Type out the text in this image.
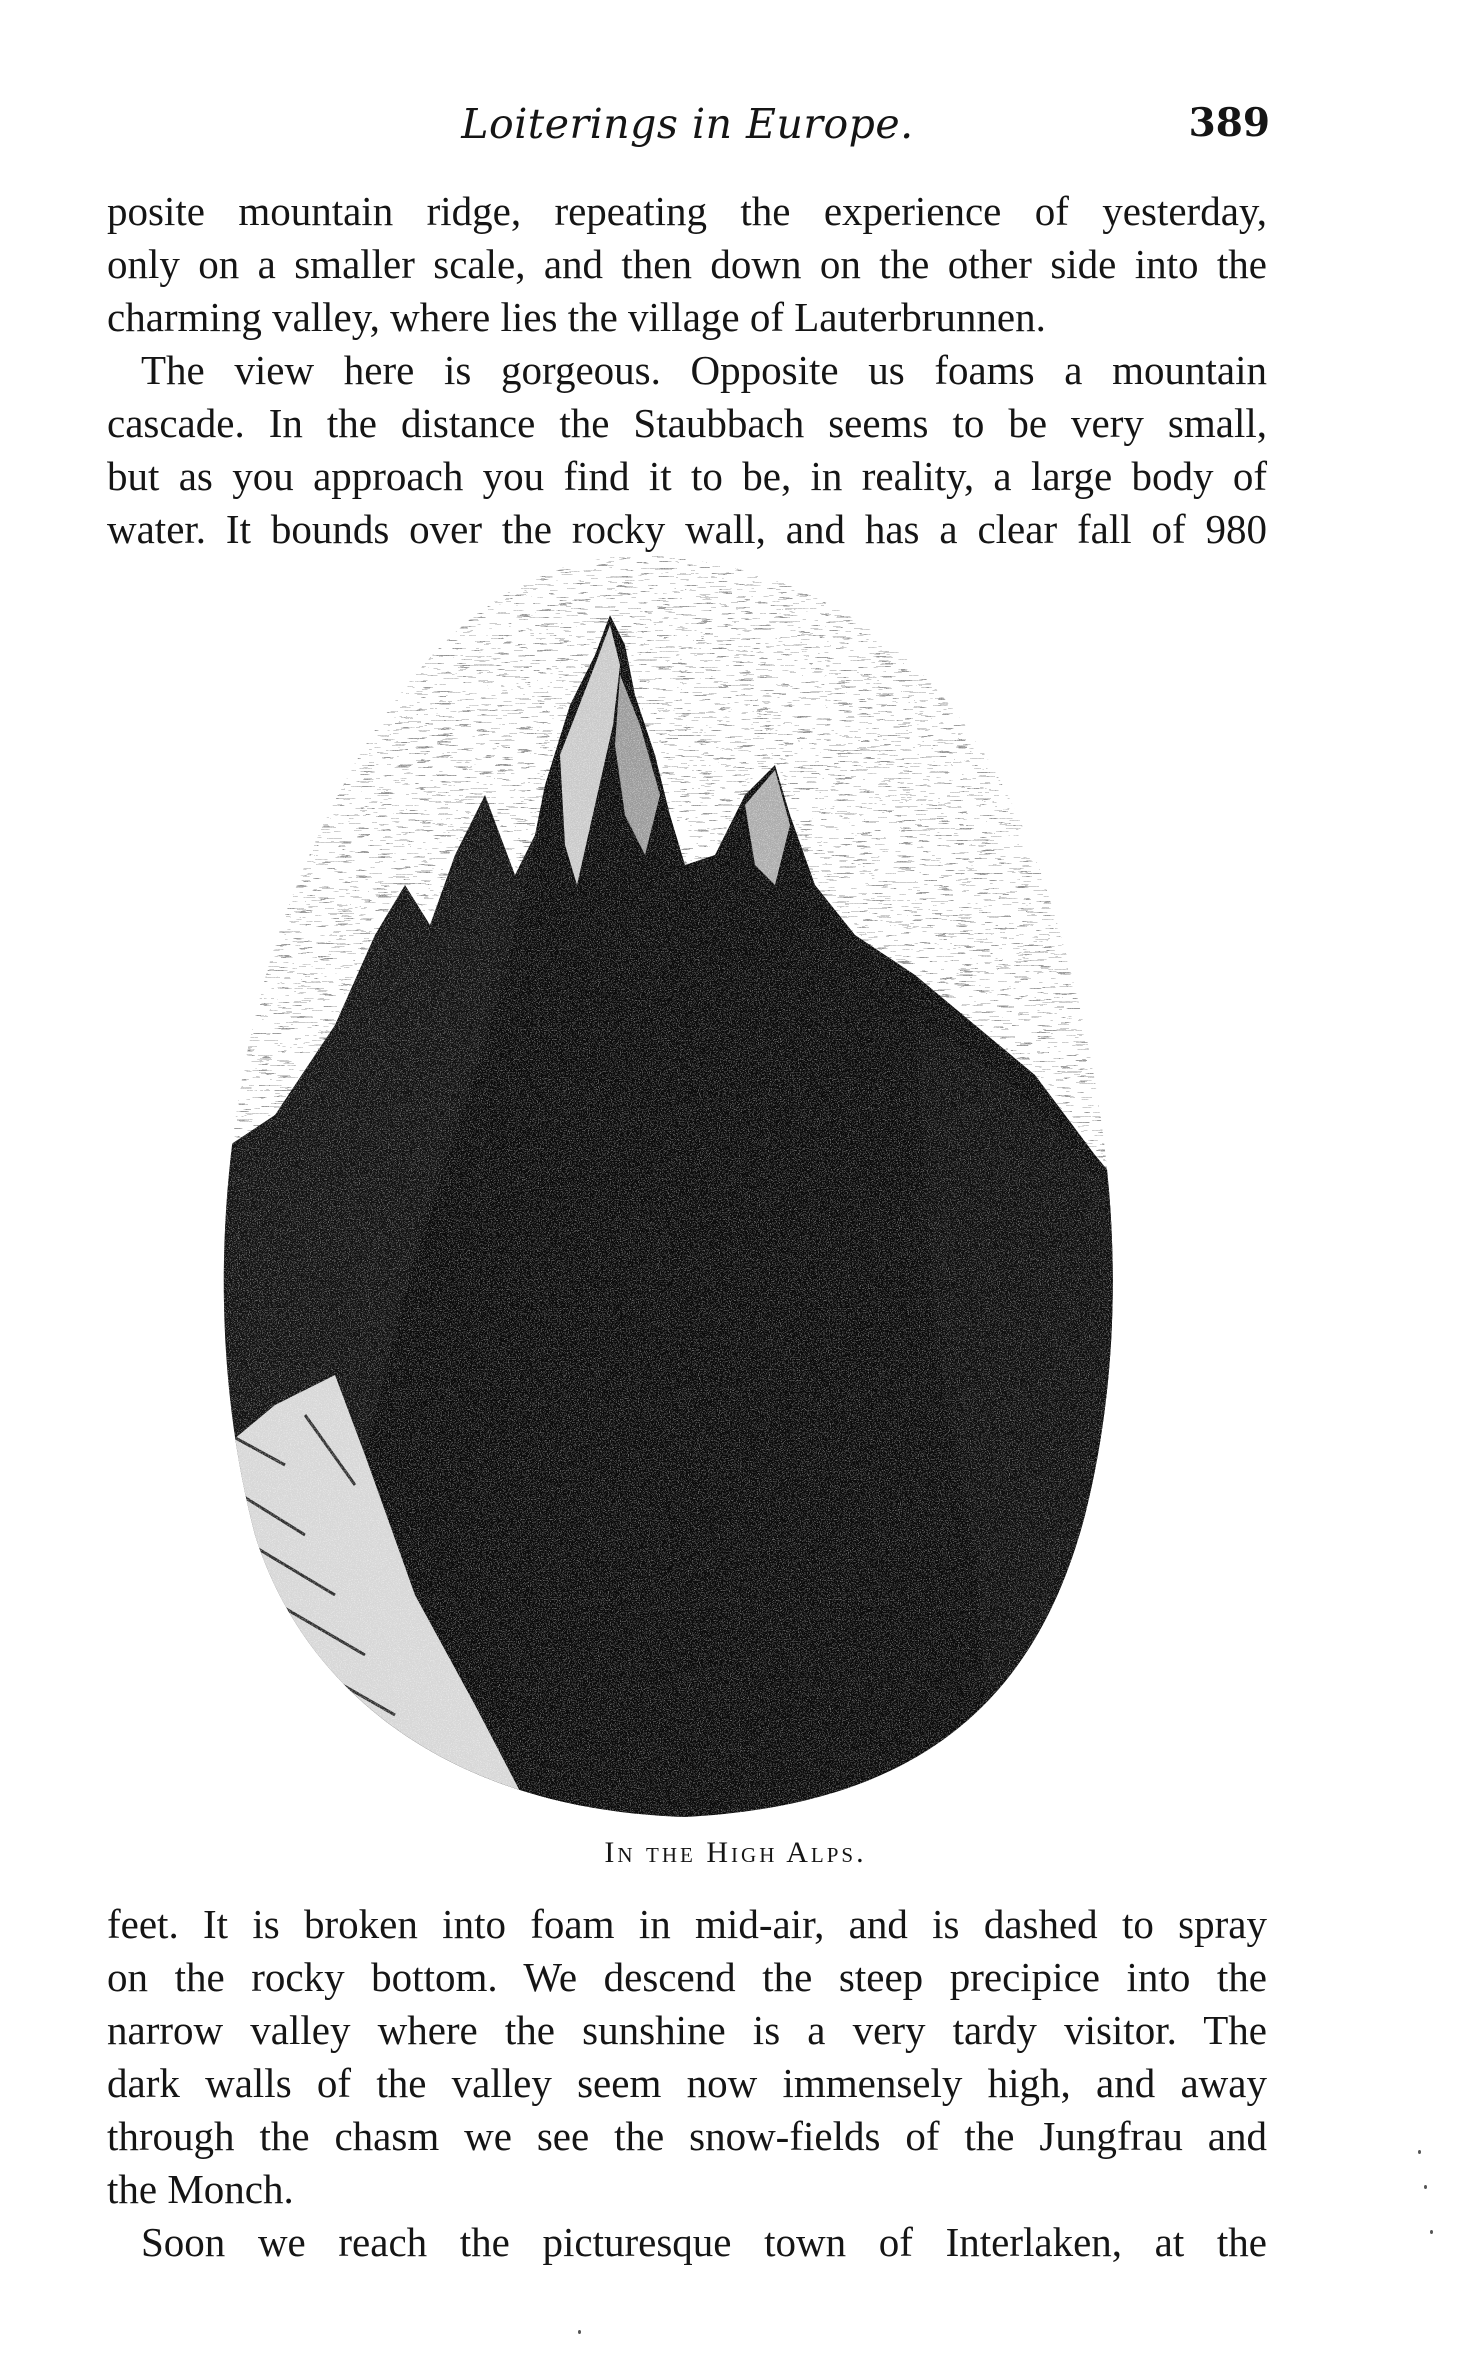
Loiterings in Europe.	389

posite mountain ridge, repeating the experience of yesterday,

only on a smaller scale, and then down on the other side into the

charming valley, where lies the village of Lauterbrunnen.

The view here is gorgeous. Opposite us foams a mountain

cascade. In the distance the Staubbach seems to be very small,

but as you approach you find it to be, in reality, a large body of

water. It bounds over the rocky wall, and has a clear fall of 980

In the High Alps.

feet. It is broken into foam in mid-air, and is dashed to spray

on the rocky bottom. We descend the steep precipice into the

narrow valley where the sunshine is a very tardy visitor. The

dark walls of the valley seem now immensely high, and away

through the chasm we see the snow-fields of the Jungfrau and

the Monch.

Soon we reach the picturesque town of Interlaken, at the
